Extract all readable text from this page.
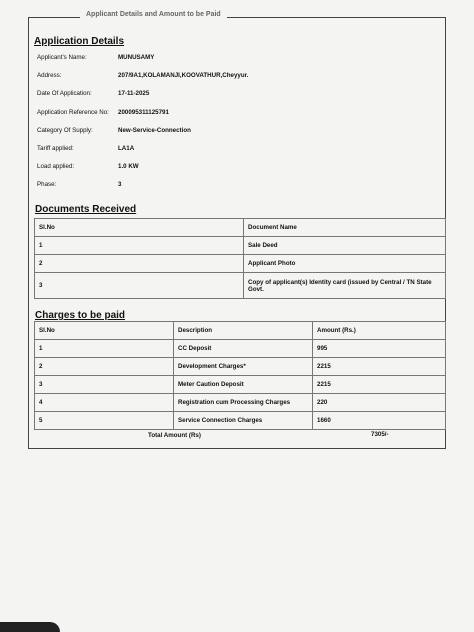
Applicant Details and Amount to be Paid
Application Details
Applicant's Name:	MUNUSAMY
Address:	207/9A1,KOLAMANJI,KOOVATHUR,Cheyyur.
Date Of Application:	17-11-2025
Application Reference No: 200095311125791
Category Of Supply:	New-Service-Connection
Tariff applied:	LA1A
Load applied:	1.0 KW
Phase:	3
Documents Received
Sl.No	Document Name
1	Sale Deed
2	Applicant Photo
3	Copy of applicant(s) Identity card (issued by Central / TN State Govt.
Charges to be paid
Sl.No	Description	Amount (Rs.)
1	CC Deposit	995
2	Development Charges*	2215
3	Meter Caution Deposit	2215
4	Registration cum Processing Charges	220
5	Service Connection Charges	1660
Total Amount (Rs)	7305/-
